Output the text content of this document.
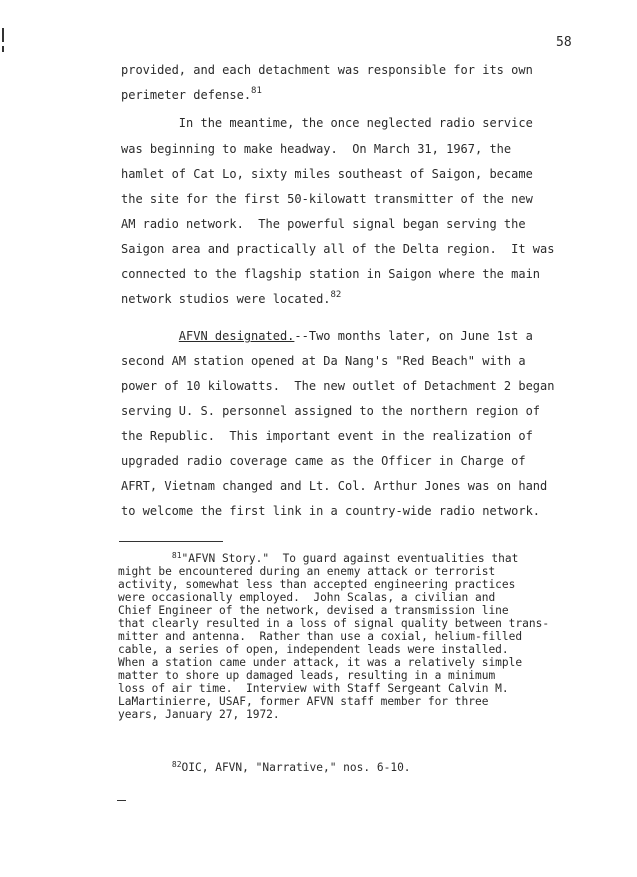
58
provided, and each detachment was responsible for its own
perimeter defense.$^{81}$
In the meantime, the once neglected radio service
was beginning to make headway.  On March 31, 1967, the
hamlet of Cat Lo, sixty miles southeast of Saigon, became
the site for the first 50-kilowatt transmitter of the new
AM radio network.  The powerful signal began serving the
Saigon area and practically all of the Delta region.  It was
connected to the flagship station in Saigon where the main
network studios were located.$^{82}$
AFVN designated.--Two months later, on June 1st a
second AM station opened at Da Nang's "Red Beach" with a
power of 10 kilowatts.  The new outlet of Detachment 2 began
serving U. S. personnel assigned to the northern region of
the Republic.  This important event in the realization of
upgraded radio coverage came as the Officer in Charge of
AFRT, Vietnam changed and Lt. Col. Arthur Jones was on hand
to welcome the first link in a country-wide radio network.
$^{81}$"AFVN Story."  To guard against eventualities that
might be encountered during an enemy attack or terrorist
activity, somewhat less than accepted engineering practices
were occasionally employed.  John Scalas, a civilian and
Chief Engineer of the network, devised a transmission line
that clearly resulted in a loss of signal quality between trans-
mitter and antenna.  Rather than use a coxial, helium-filled
cable, a series of open, independent leads were installed.
When a station came under attack, it was a relatively simple
matter to shore up damaged leads, resulting in a minimum
loss of air time.  Interview with Staff Sergeant Calvin M.
LaMartinierre, USAF, former AFVN staff member for three
years, January 27, 1972.
$^{82}$OIC, AFVN, "Narrative," nos. 6-10.
